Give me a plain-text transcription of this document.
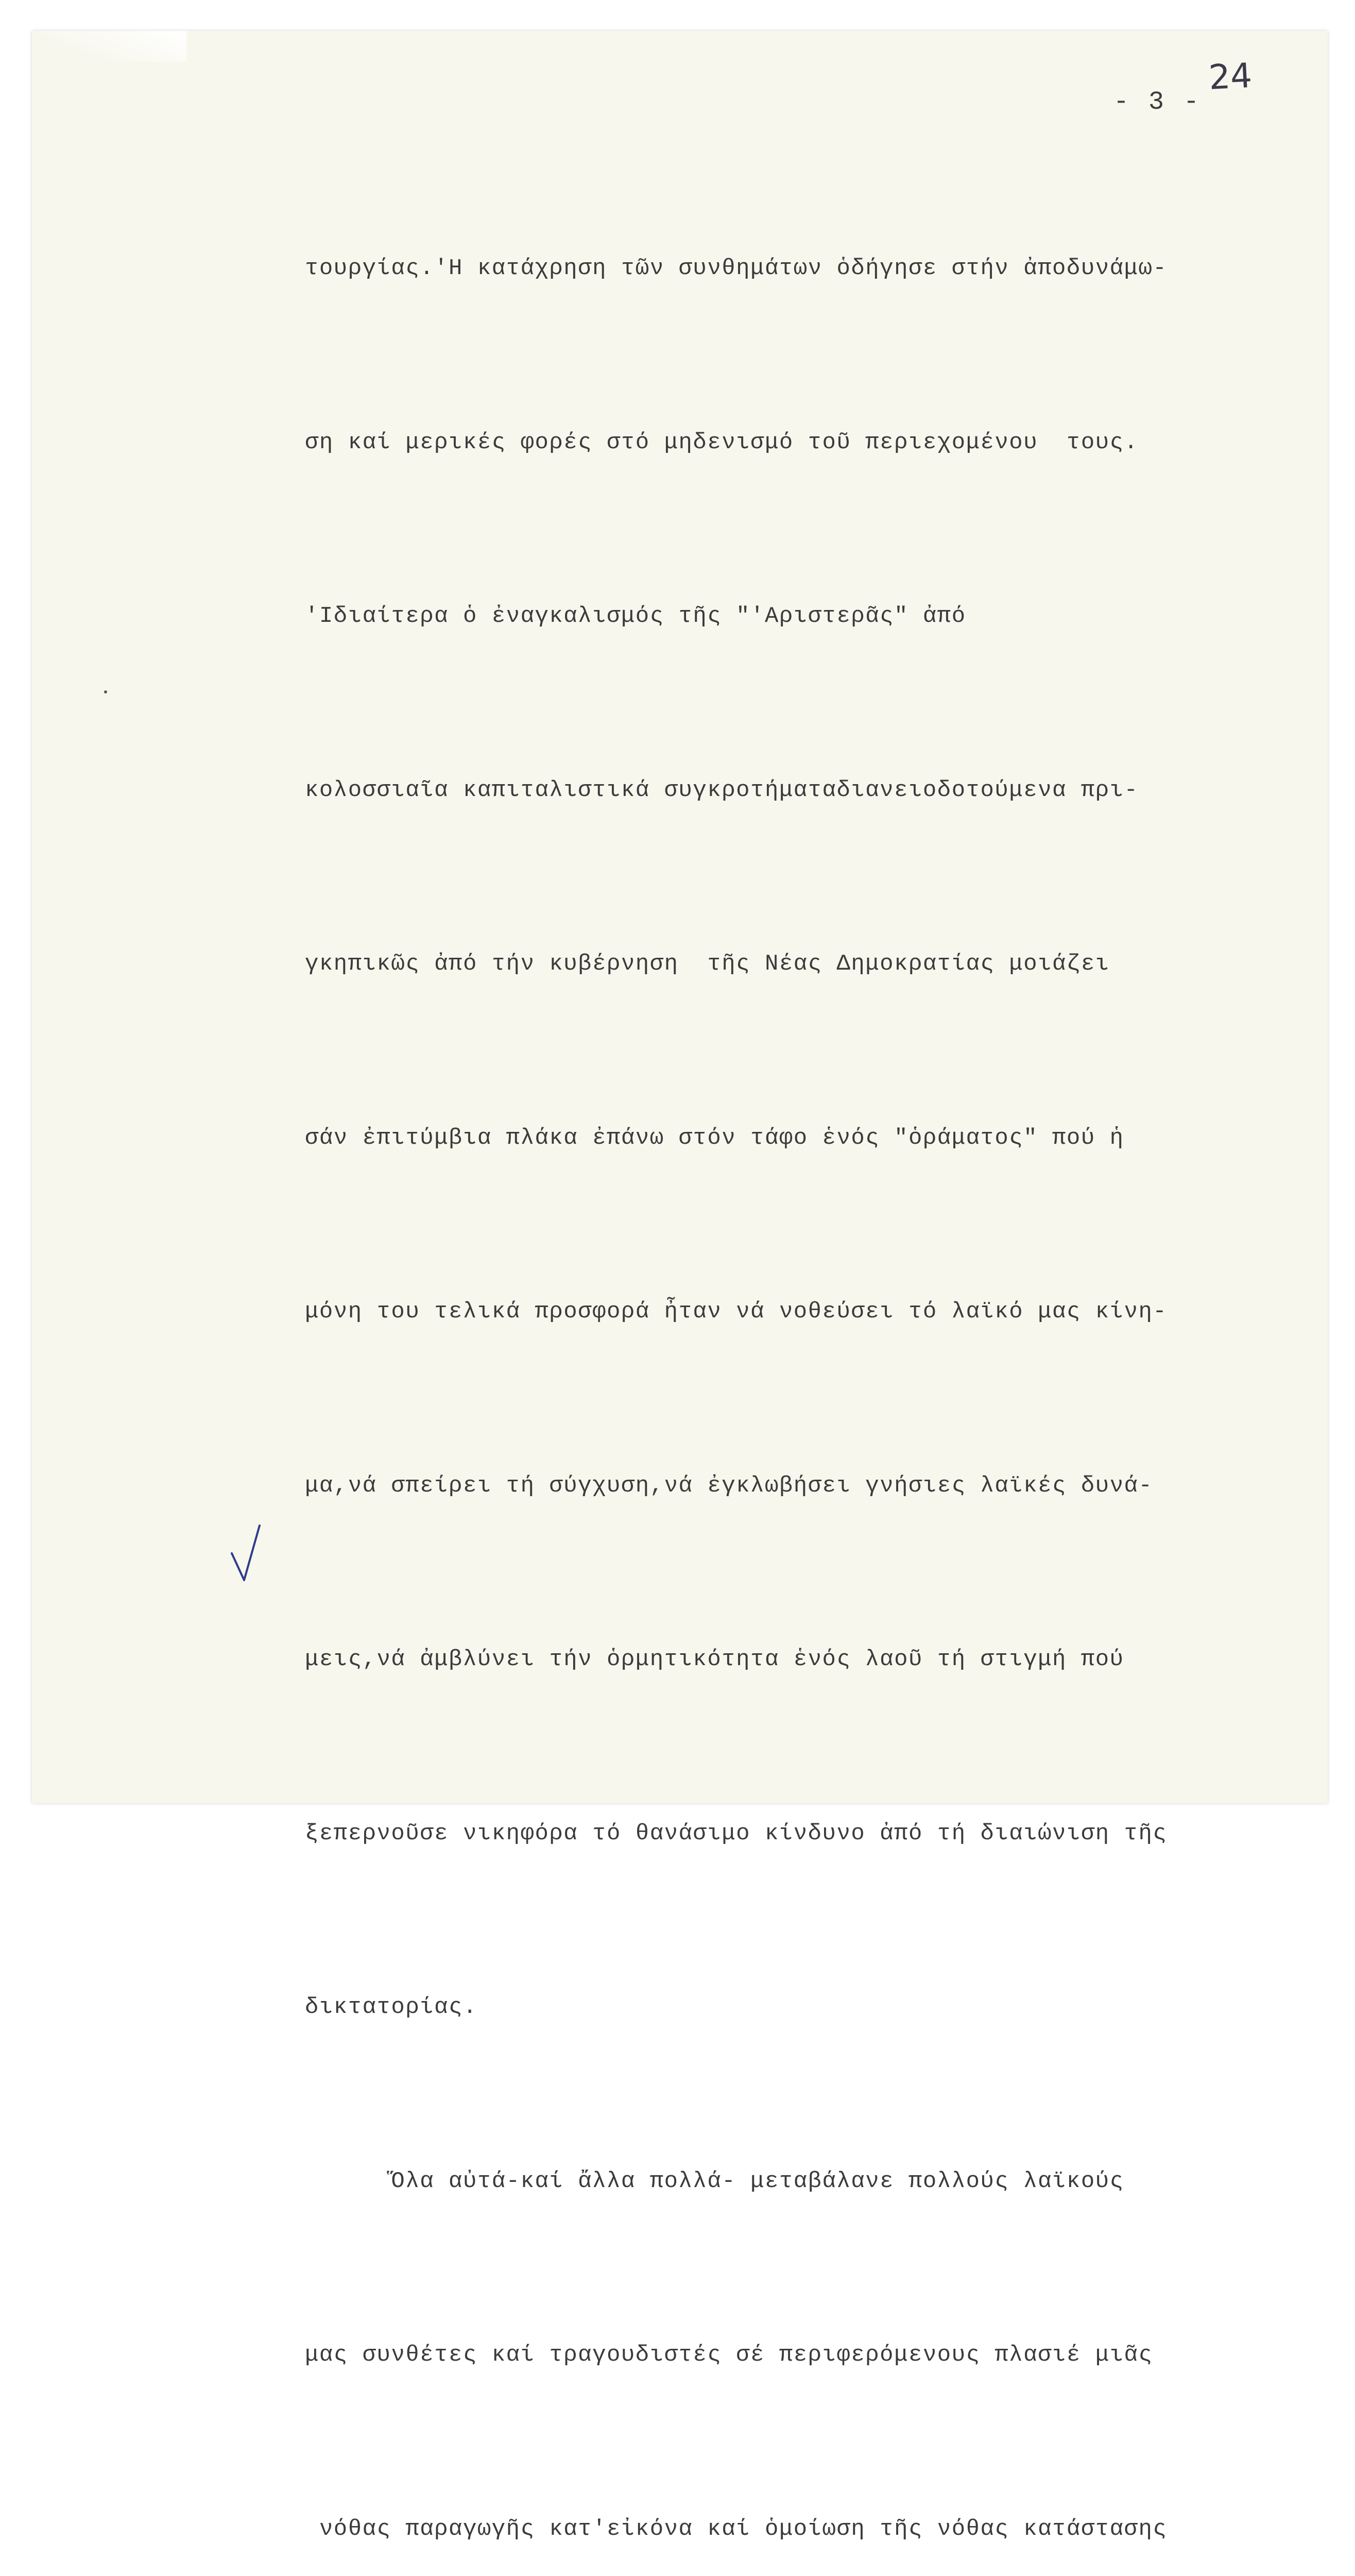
24
- 3 -

τουργίας.'Η κατάχρηση τῶν συνθημάτων ὁδήγησε στήν ἀποδυνάμω-

ση καί μερικές φορές στό μηδενισμό τοῦ περιεχομένου  τους.

'Ιδιαίτερα ὁ ἐναγκαλισμός τῆς "'Αριστερᾶς" ἀπό

κολοσσιαῖα καπιταλιστικά συγκροτήματαδιανειοδοτούμενα πρι-

γκηπικῶς ἀπό τήν κυβέρνηση  τῆς Νέας Δημοκρατίας μοιάζει

σάν ἐπιτύμβια πλάκα ἐπάνω στόν τάφο ἑνός "ὁράματος" πού ἡ

μόνη του τελικά προσφορά ἦταν νά νοθεύσει τό λαϊκό μας κίνη-

μα,νά σπείρει τή σύγχυση,νά ἐγκλωβήσει γνήσιες λαϊκές δυνά-

μεις,νά ἀμβλύνει τήν ὁρμητικότητα ἑνός λαοῦ τή στιγμή πού

ξεπερνοῦσε νικηφόρα τό θανάσιμο κίνδυνο ἀπό τή διαιώνιση τῆς

δικτατορίας.

Ὅλα αὐτά-καί ἄλλα πολλά- μεταβάλανε πολλούς λαϊκούς

μας συνθέτες καί τραγουδιστές σέ περιφερόμενους πλασιέ μιᾶς

νόθας παραγωγῆς κατ'εἰκόνα καί ὁμοίωση τῆς νόθας κατάστασης
